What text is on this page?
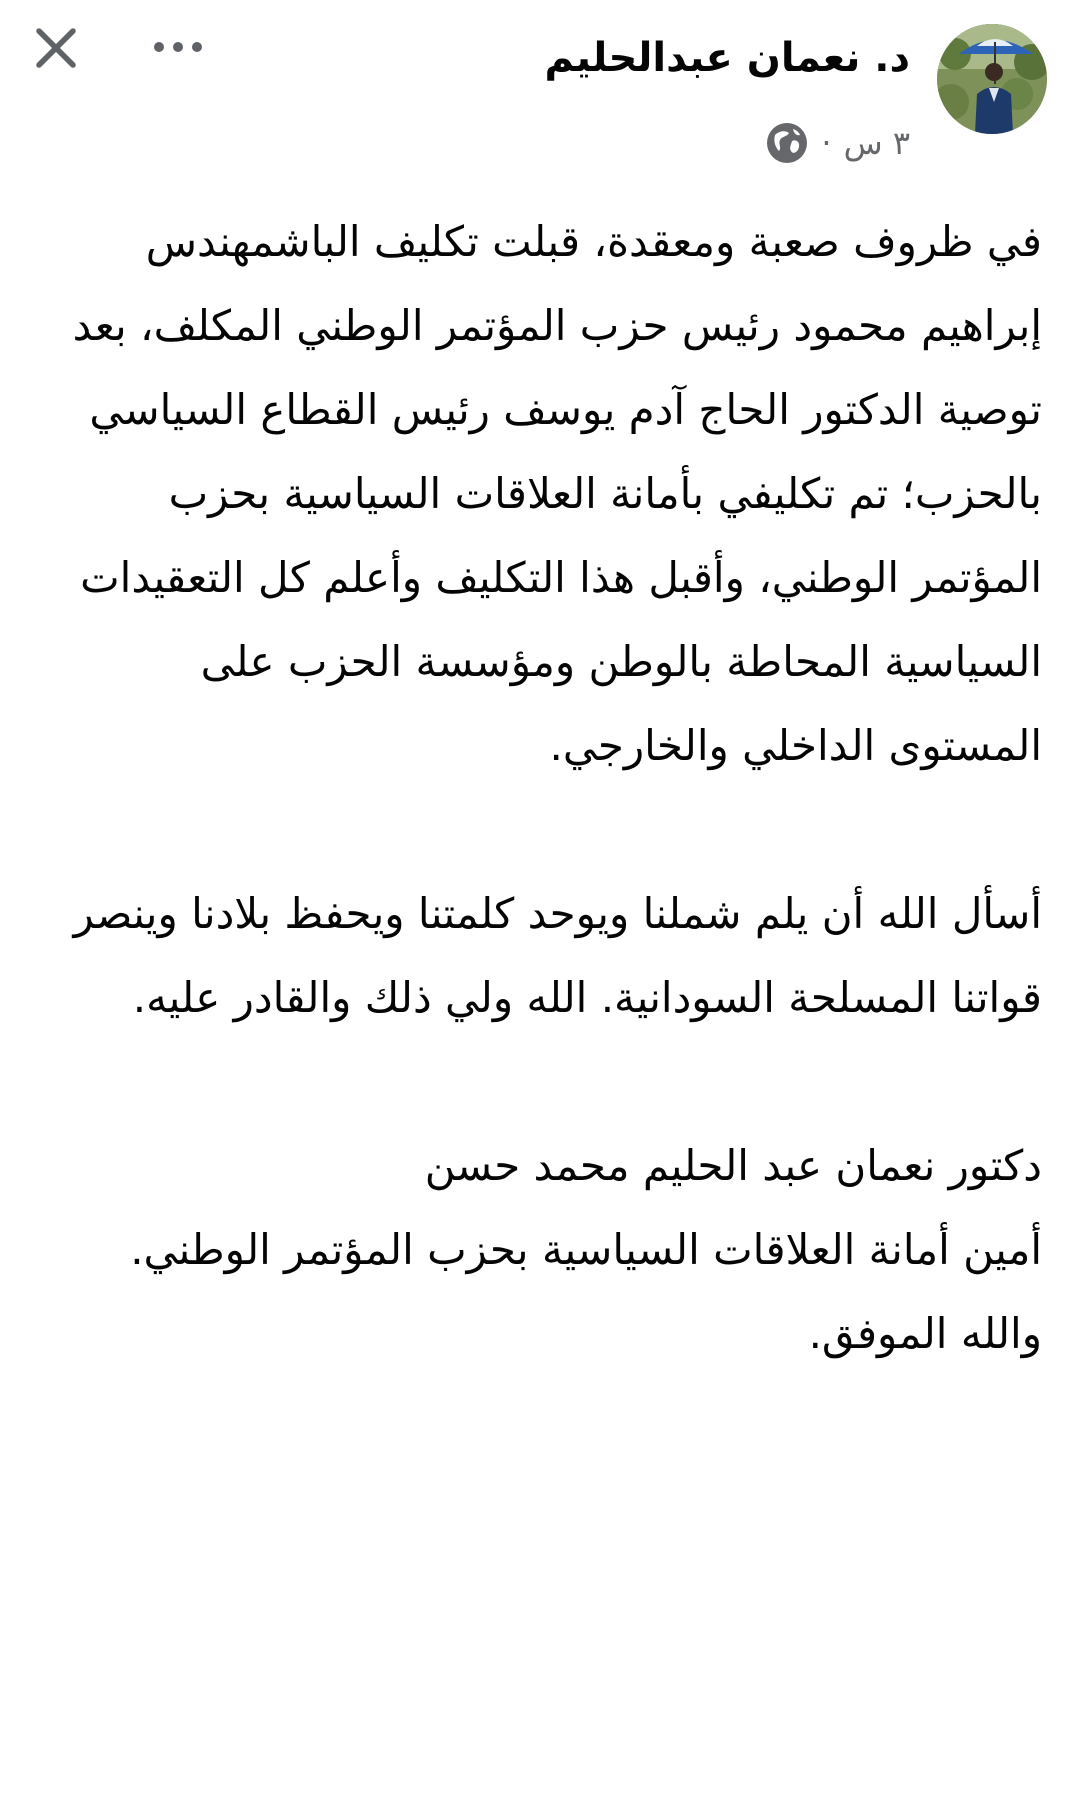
د. نعمان عبدالحليم
٣ س
·

في ظروف صعبة ومعقدة، قبلت تكليف الباشمهندس إبراهيم محمود رئيس حزب المؤتمر الوطني المكلف، بعد توصية الدكتور الحاج آدم يوسف رئيس القطاع السياسي بالحزب؛ تم تكليفي بأمانة العلاقات السياسية بحزب المؤتمر الوطني، وأقبل هذا التكليف وأعلم كل التعقيدات السياسية المحاطة بالوطن ومؤسسة الحزب على المستوى الداخلي والخارجي.

أسأل الله أن يلم شملنا ويوحد كلمتنا ويحفظ بلادنا وينصر قواتنا المسلحة السودانية. الله ولي ذلك والقادر عليه.

دكتور نعمان عبد الحليم محمد حسن

أمين أمانة العلاقات السياسية بحزب المؤتمر الوطني.

والله الموفق.
